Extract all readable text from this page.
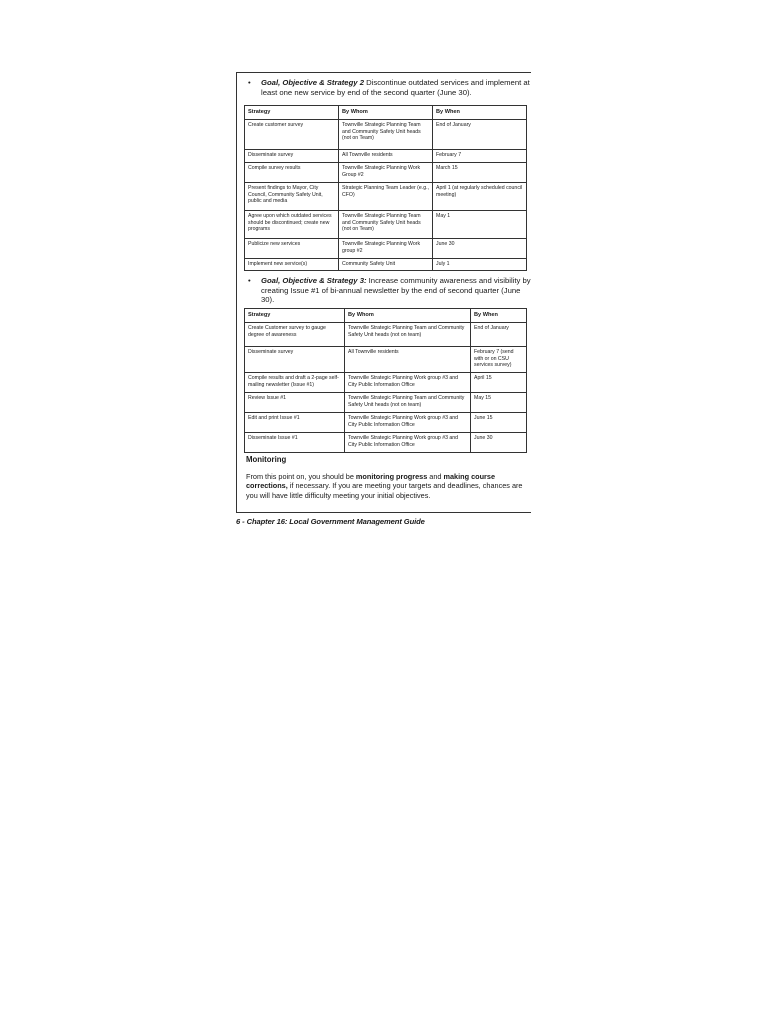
•	Goal, Objective & Strategy 2 Discontinue outdated services and implement at least one new service by end of the second quarter (June 30).
Strategy	By Whom	By When
Create customer survey	Townville Strategic Planning Team and Community Safety Unit heads (not on Team)	End of January
Disseminate survey	All Townville residents	February 7
Compile survey results	Townville Strategic Planning Work Group #2	March 15
Present findings to Mayor, City Council, Community Safety Unit, public and media	Strategic Planning Team Leader (e.g., CFO)	April 1 (at regularly scheduled council meeting)
Agree upon which outdated services should be discontinued; create new programs	Townville Strategic Planning Team and Community Safety Unit heads (not on Team)	May 1
Publicize new services	Townville Strategic Planning Work group #2	June 30
Implement new service(s)	Community Safety Unit	July 1
•	Goal, Objective & Strategy 3: Increase community awareness and visibility by creating Issue #1 of bi-annual newsletter by the end of second quarter (June 30).
Strategy	By Whom	By When
Create Customer survey to gauge degree of awareness	Townville Strategic Planning Team and Community Safety Unit heads (not on team)	End of January
Disseminate survey	All Townville residents	February 7 (send with or on CSU services survey)
Compile results and draft a 2-page self-mailing newsletter (Issue #1)	Townville Strategic Planning Work group #3 and City Public Information Office	April 15
Review Issue #1	Townville Strategic Planning Team and Community Safety Unit heads (not on team)	May 15
Edit and print Issue #1	Townville Strategic Planning Work group #3 and City Public Information Office	June 15
Disseminate Issue #1	Townville Strategic Planning Work group #3 and City Public Information Office	June 30
Monitoring
From this point on, you should be monitoring progress and making course corrections, if necessary. If you are meeting your targets and deadlines, chances are you will have little difficulty meeting your initial objectives.
6 - Chapter 16: Local Government Management Guide
